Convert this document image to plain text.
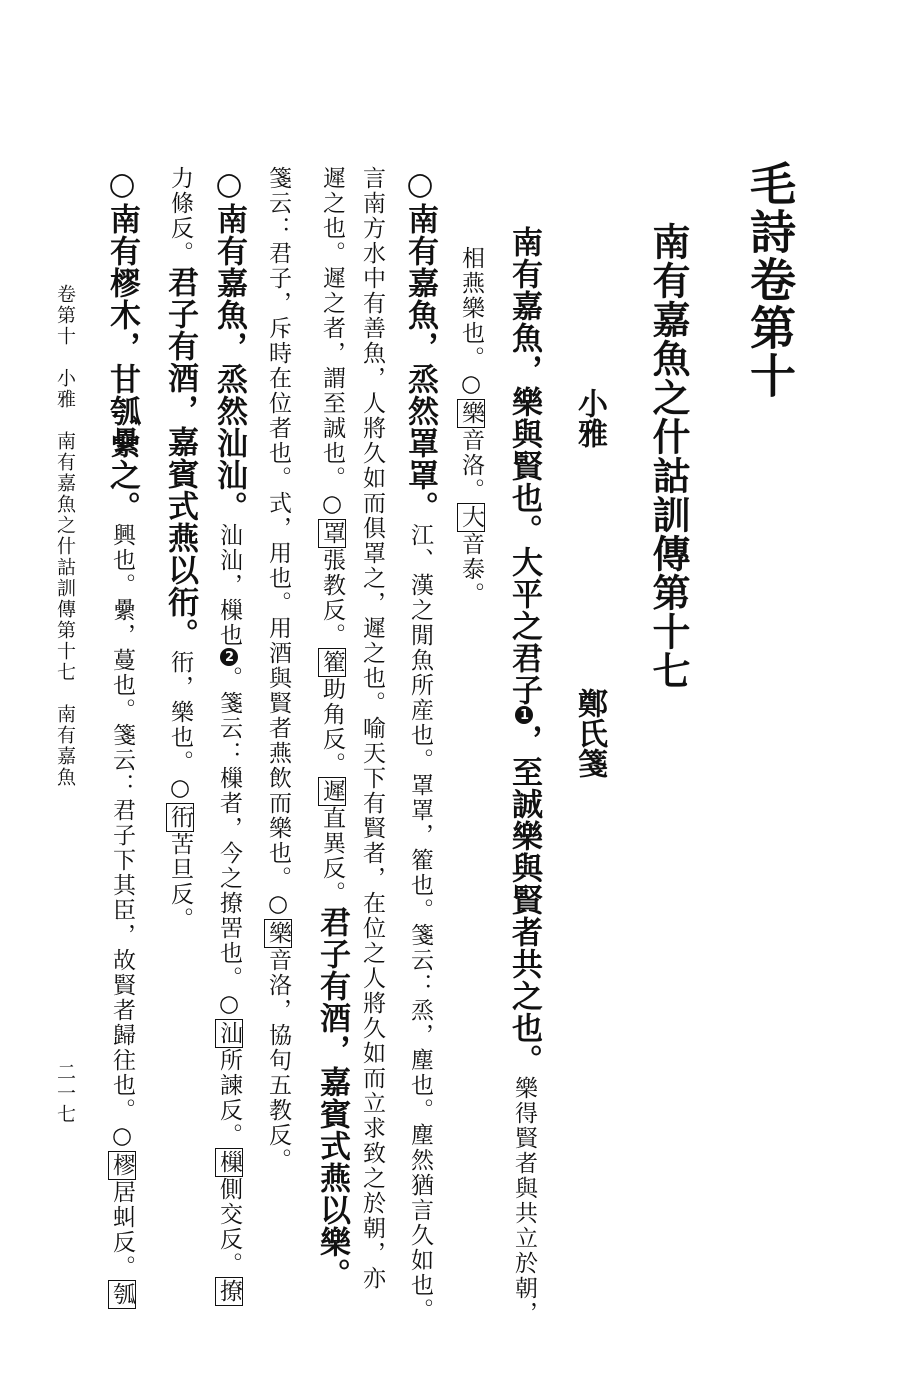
毛詩卷第十
南有嘉魚之什詁訓傳第十七
小雅
鄭氏箋
南有嘉魚，樂與賢也。大平之君子1，至誠樂與賢者共之也。樂得賢者與共立於朝，
相燕樂也。○樂音洛。大音泰。
○南有嘉魚，烝然罩罩。江、漢之閒魚所産也。罩罩，篧也。箋云：烝，塵也。塵然猶言久如也。
言南方水中有善魚，人將久如而俱罩之，遲之也。喻天下有賢者，在位之人將久如而立求致之於朝，亦
遲之也。遲之者，謂至誠也。○罩張教反。篧助角反。遲直異反。君子有酒，嘉賓式燕以樂。
箋云：君子，斥時在位者也。式，用也。用酒與賢者燕飲而樂也。○樂音洛，協句五教反。
○南有嘉魚，烝然汕汕。汕汕，樔也2。箋云：樔者，今之撩罟也。○汕所諫反。樔側交反。撩
力條反。君子有酒，嘉賓式燕以衎。衎，樂也。○衎苦旦反。
○南有樛木，甘瓠纍之。興也。纍，蔓也。箋云：君子下其臣，故賢者歸往也。○樛居虯反。瓠
卷第十　小雅　南有嘉魚之什詁訓傳第十七　南有嘉魚
二一七
